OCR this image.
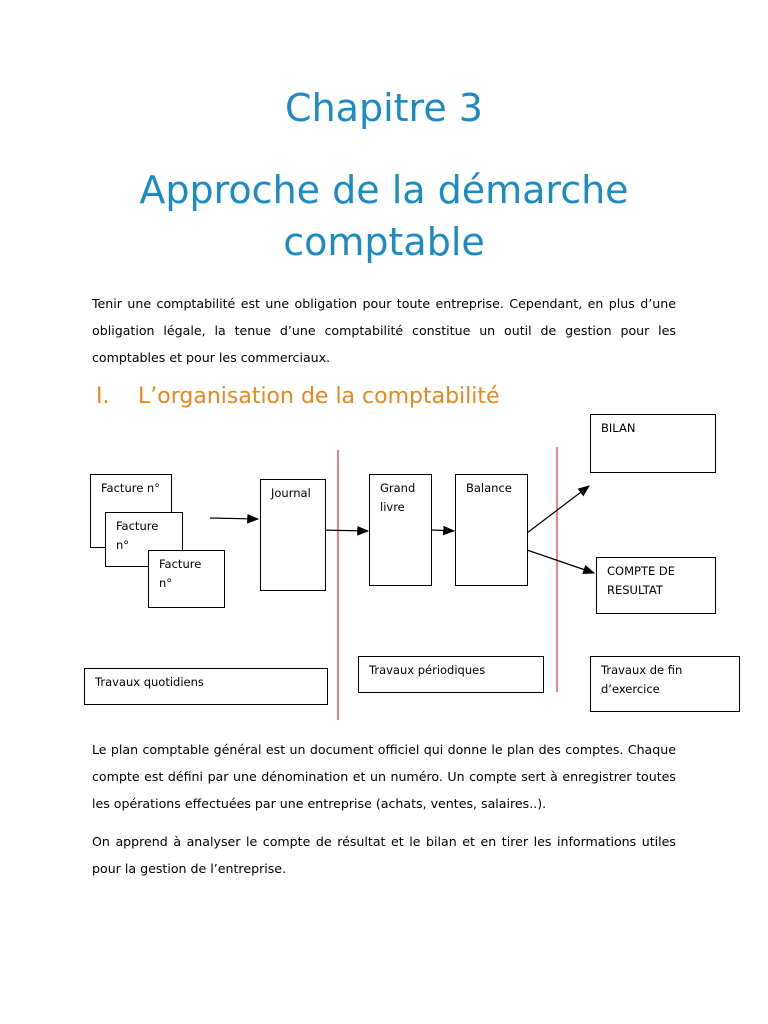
Chapitre 3
Approche de la démarche
comptable

Tenir une comptabilité est une obligation pour toute entreprise. Cependant, en plus d’une obligation légale, la tenue d’une comptabilité constitue un outil de gestion pour les comptables et pour les commerciaux.

I. L’organisation de la comptabilité
Facture n°
Facture n°
Facture n°
Journal	Grand livre
Balance
BILAN
COMPTE DE RESULTAT
Travaux quotidiens
Travaux périodiques	Travaux de fin d’exercice

Le plan comptable général est un document officiel qui donne le plan des comptes. Chaque compte est défini par une dénomination et un numéro. Un compte sert à enregistrer toutes les opérations effectuées par une entreprise (achats, ventes, salaires..).

On apprend à analyser le compte de résultat et le bilan et en tirer les informations utiles pour la gestion de l’entreprise.
